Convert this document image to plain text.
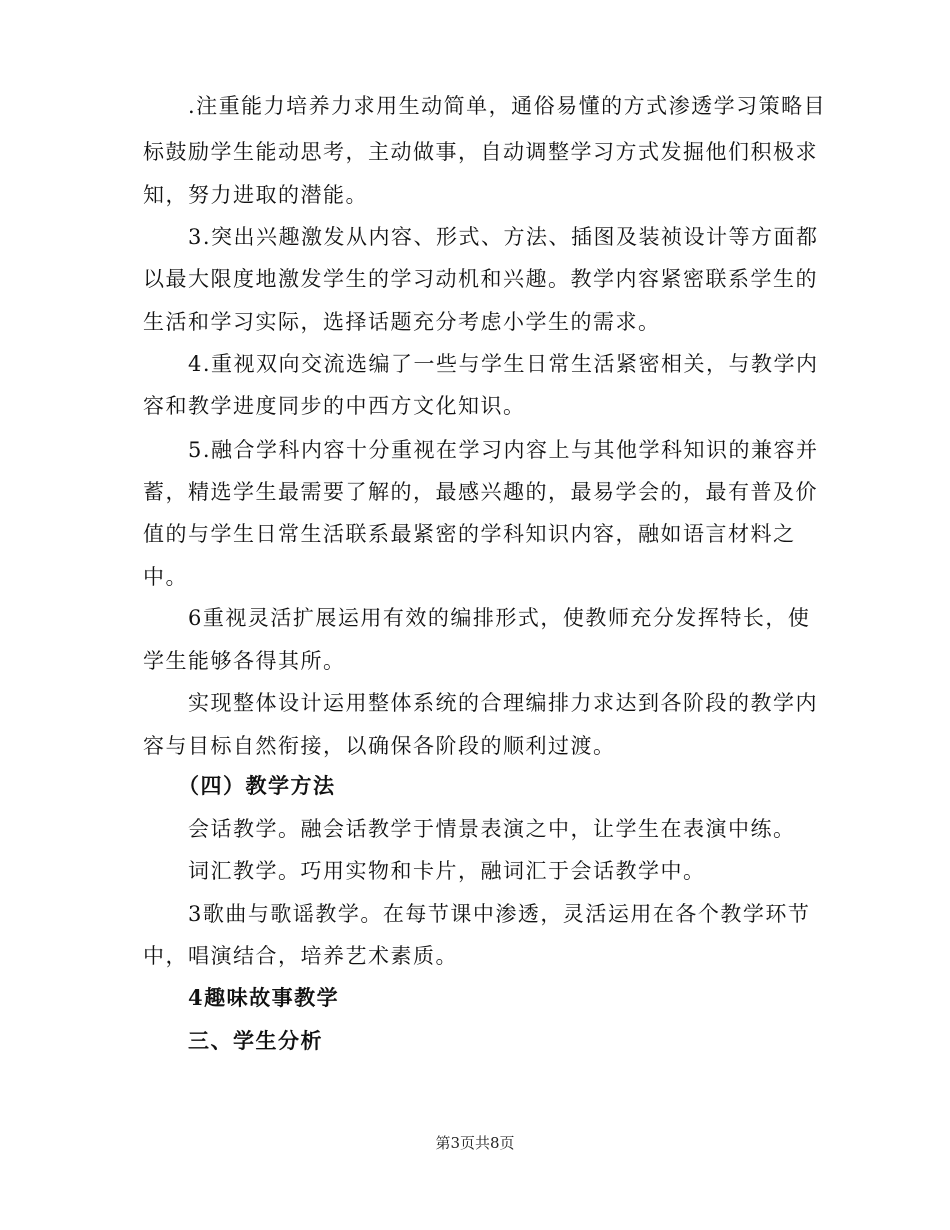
.注重能力培养力求用生动简单，通俗易懂的方式渗透学习策略目
标鼓励学生能动思考，主动做事，自动调整学习方式发掘他们积极求
知，努力进取的潜能。
3.突出兴趣激发从内容、形式、方法、插图及装祯设计等方面都
以最大限度地激发学生的学习动机和兴趣。教学内容紧密联系学生的
生活和学习实际，选择话题充分考虑小学生的需求。
4.重视双向交流选编了一些与学生日常生活紧密相关，与教学内
容和教学进度同步的中西方文化知识。
5.融合学科内容十分重视在学习内容上与其他学科知识的兼容并
蓄，精选学生最需要了解的，最感兴趣的，最易学会的，最有普及价
值的与学生日常生活联系最紧密的学科知识内容，融如语言材料之
中。
6重视灵活扩展运用有效的编排形式，使教师充分发挥特长，使
学生能够各得其所。
实现整体设计运用整体系统的合理编排力求达到各阶段的教学内
容与目标自然衔接，以确保各阶段的顺利过渡。
（四）教学方法
会话教学。融会话教学于情景表演之中，让学生在表演中练。
词汇教学。巧用实物和卡片，融词汇于会话教学中。
3歌曲与歌谣教学。在每节课中渗透，灵活运用在各个教学环节
中，唱演结合，培养艺术素质。
4趣味故事教学
三、学生分析
第3页共8页
